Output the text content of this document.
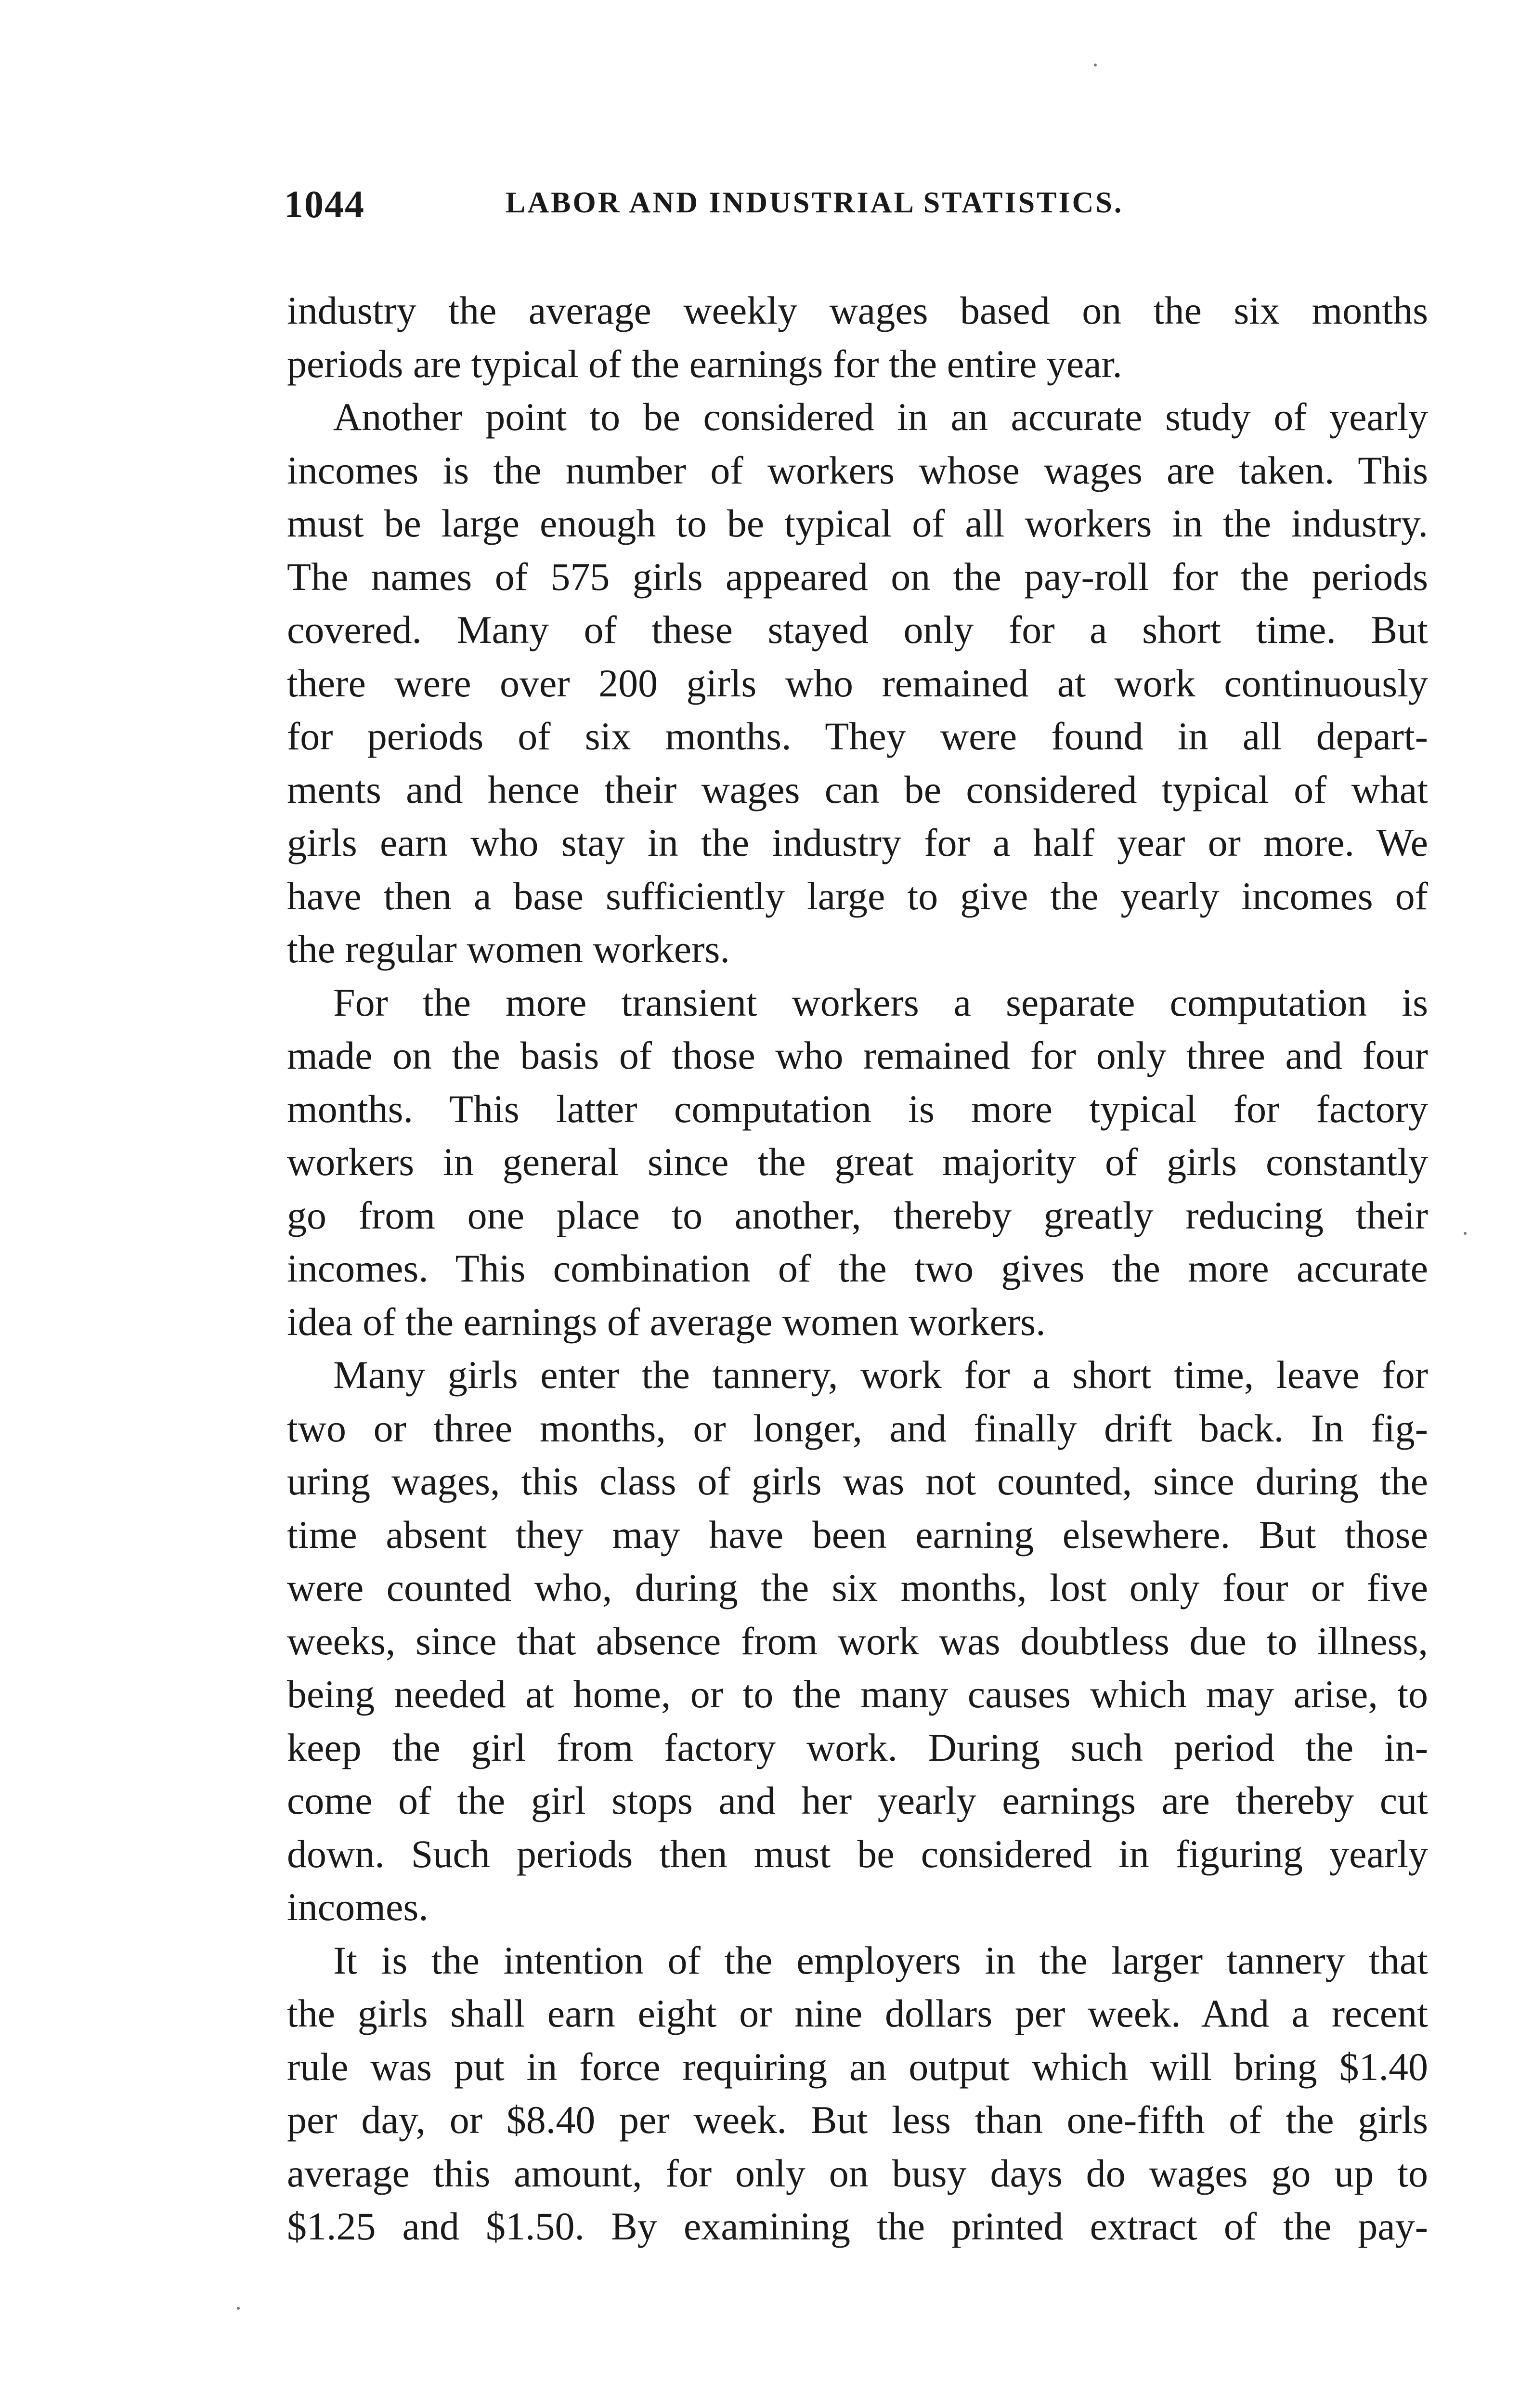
1044	LABOR AND INDUSTRIAL STATISTICS.
industry the average weekly wages based on the six months
periods are typical of the earnings for the entire year.
Another point to be considered in an accurate study of yearly
incomes is the number of workers whose wages are taken. This
must be large enough to be typical of all workers in the industry.
The names of 575 girls appeared on the pay-roll for the periods
covered. Many of these stayed only for a short time. But
there were over 200 girls who remained at work continuously
for periods of six months. They were found in all depart-
ments and hence their wages can be considered typical of what
girls earn who stay in the industry for a half year or more. We
have then a base sufficiently large to give the yearly incomes of
the regular women workers.
For the more transient workers a separate computation is
made on the basis of those who remained for only three and four
months. This latter computation is more typical for factory
workers in general since the great majority of girls constantly
go from one place to another, thereby greatly reducing their
incomes. This combination of the two gives the more accurate
idea of the earnings of average women workers.
Many girls enter the tannery, work for a short time, leave for
two or three months, or longer, and finally drift back. In fig-
uring wages, this class of girls was not counted, since during the
time absent they may have been earning elsewhere. But those
were counted who, during the six months, lost only four or five
weeks, since that absence from work was doubtless due to illness,
being needed at home, or to the many causes which may arise, to
keep the girl from factory work. During such period the in-
come of the girl stops and her yearly earnings are thereby cut
down. Such periods then must be considered in figuring yearly
incomes.
It is the intention of the employers in the larger tannery that
the girls shall earn eight or nine dollars per week. And a recent
rule was put in force requiring an output which will bring $1.40
per day, or $8.40 per week. But less than one-fifth of the girls
average this amount, for only on busy days do wages go up to
$1.25 and $1.50. By examining the printed extract of the pay-
